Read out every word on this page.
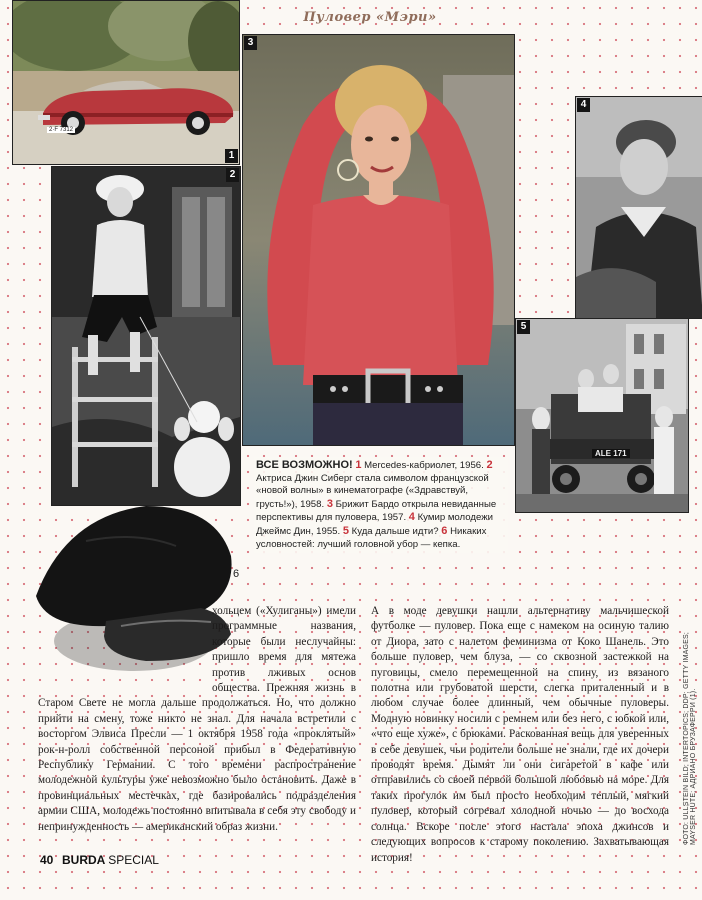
Пуловер «Мэри»
2·F 7312
1
2
3
4
ALE 171
5
6
ВСЕ ВОЗМОЖНО! 1 Mercedes-кабриолет, 1956. 2 Актриса Джин Сиберг стала символом французской «новой волны» в кинематографе («Здравствуй, грусть!»), 1958. 3 Брижит Бардо открыла невиданные перспективы для пуловера, 1957. 4 Кумир молодежи Джеймс Дин, 1955. 5 Куда дальше идти? 6 Никаких условностей: лучший головной убор — кепка.

хольцем («Хулиганы») имели программные названия, которые были неслучайны: пришло время для мятежа против лживых основ общества. Прежняя жизнь в Старом Свете не могла дальше продолжаться. Но, что должно прийти на смену, тоже никто не знал. Для начала встретили с восторгом Элвиса Пресли — 1 октября 1958 года «проклятый» рок-н-ролл собственной персоной прибыл в Федеративную Республику Германии. С того времени распространение молодежной культуры уже невозможно было остановить. Даже в провинциальных местечках, где базировались подразделения армии США, молодежь постоянно впитывала в себя эту свободу и непринужденность — американский образ жизни.

А в моде девушки нашли альтернативу мальчишеской футболке — пуловер. Пока еще с намеком на осиную талию от Диора, зато с налетом феминизма от Коко Шанель. Это больше пуловер, чем блуза, — со сквозной застежкой на пуговицы, смело перемещенной на спину, из вязаного полотна или грубоватой шерсти, слегка приталенный и в любом случае более длинный, чем обычные пуловеры. Модную новинку носили с ремнем или без него, с юбкой или, «что еще хуже», с брюками. Раскованная вещь для уверенных в себе девушек, чьи родители больше не знали, где их дочери проводят время. Дымят ли они сигаретой в кафе или отправились со своей первой большой любовью на море. Для таких прогулок им был просто необходим теплый, мягкий пуловер, который согревал холодной ночью — до восхода солнца. Вскоре после этого настала эпоха джинсов и следующих вопросов к старому поколению. Захватывающая история!

ФОТО: ULLSTEIN BILD; INTERTOPICS; DDP; GETTY IMAGES; MAYSER HÜTE; АДРИАНО БРУЗАФЕРРИ (1).
40 BURDA SPECIAL
